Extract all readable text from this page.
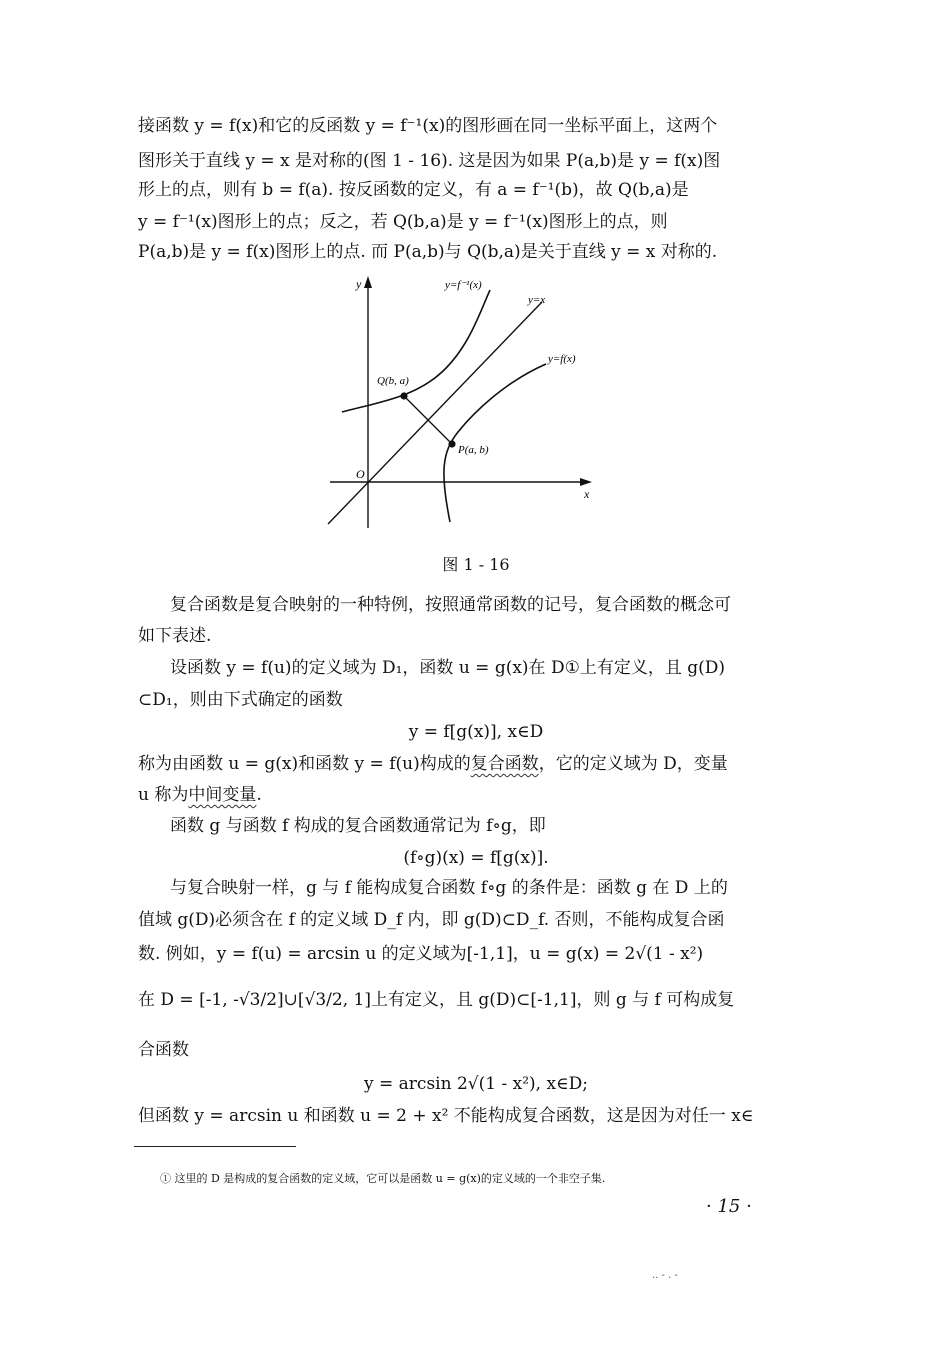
接函数 y = f(x)和它的反函数 y = f⁻¹(x)的图形画在同一坐标平面上，这两个
图形关于直线 y = x 是对称的(图 1 - 16). 这是因为如果 P(a,b)是 y = f(x)图
形上的点，则有 b = f(a). 按反函数的定义，有 a = f⁻¹(b)，故 Q(b,a)是
y = f⁻¹(x)图形上的点；反之，若 Q(b,a)是 y = f⁻¹(x)图形上的点，则
P(a,b)是 y = f(x)图形上的点. 而 P(a,b)与 Q(b,a)是关于直线 y = x 对称的.
y=f⁻¹(x)
y=x
y=f(x)
Q(b, a)
P(a, b)
O
x
y
图 1 - 16
复合函数是复合映射的一种特例，按照通常函数的记号，复合函数的概念可
如下表述.
设函数 y = f(u)的定义域为 D₁，函数 u = g(x)在 D①上有定义，且 g(D)
⊂D₁，则由下式确定的函数
y = f[g(x)], x∈D
称为由函数 u = g(x)和函数 y = f(u)构成的复合函数，它的定义域为 D，变量
u 称为中间变量.
函数 g 与函数 f 构成的复合函数通常记为 f∘g，即
(f∘g)(x) = f[g(x)].
与复合映射一样，g 与 f 能构成复合函数 f∘g 的条件是：函数 g 在 D 上的
值域 g(D)必须含在 f 的定义域 D_f 内，即 g(D)⊂D_f. 否则，不能构成复合函
数. 例如，y = f(u) = arcsin u 的定义域为[-1,1]，u = g(x) = 2√(1 - x²)
在 D = [-1, -√3/2]∪[√3/2, 1]上有定义，且 g(D)⊂[-1,1]，则 g 与 f 可构成复
合函数
y = arcsin 2√(1 - x²), x∈D;
但函数 y = arcsin u 和函数 u = 2 + x² 不能构成复合函数，这是因为对任一 x∈
① 这里的 D 是构成的复合函数的定义域，它可以是函数 u = g(x)的定义域的一个非空子集.
· 15 ·
.. - . -
